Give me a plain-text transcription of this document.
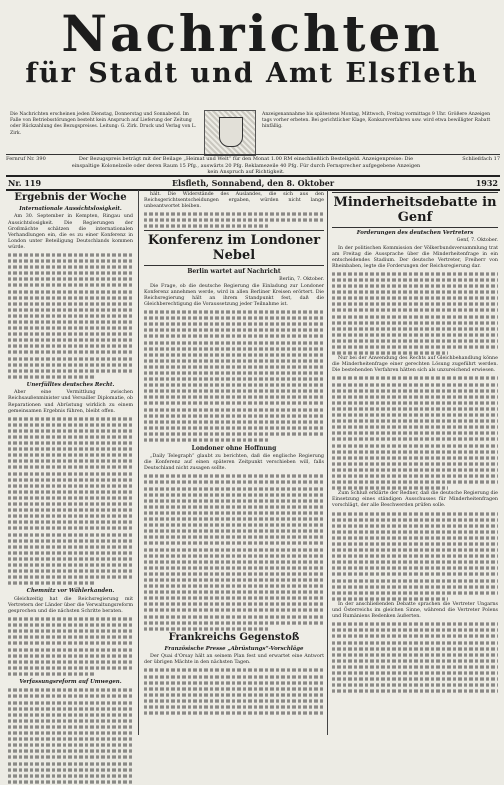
Nachrichten
für Stadt und Amt Elsfleth
Die Nachrichten erscheinen jeden Dienstag, Donnerstag und Sonnabend. Im Falle von Betriebsstörungen besteht kein Anspruch auf Lieferung der Zeitung oder Rückzahlung des Bezugspreises. Leitung: G. Zirk. Druck und Verlag von L. Zirk.
Anzeigenannahme bis spätestens Montag, Mittwoch, Freitag vormittags 9 Uhr. Größere Anzeigen tags vorher erbeten. Bei gerichtlicher Klage, Konkursverfahren usw. wird etwa bewilligter Rabatt hinfällig.
Fernruf Nr. 390	Der Bezugspreis beträgt mit der Beilage „Heimat und Welt“ für den Monat 1.00 RM einschließlich Bestellgeld. Anzeigenpreise: Die einspaltige Kolonelzeile oder deren Raum 15 Pfg., auswärts 20 Pfg. Reklamezeile 40 Pfg. Für durch Fernsprecher aufgegebene Anzeigen kein Anspruch auf Richtigkeit.
Schließfach 17
Nr. 119	Elsfleth, Sonnabend, den 8. Oktober	1932
Ergebnis der Woche
Internationale Aussichtslosigkeit.

Am 30. September in Kempten, Ringau und Aussichtslosigkeit. Die Regierungen der Großmächte schätzen die internationalen Verhandlungen ein, die es zu einer Konferenz in London unter Beteiligung Deutschlands kommen würde.

Unerfülltes deutsches Recht.

Aber eine Vermittlung zwischen Reichsaußenminister und Versailler Diplomatie, ob Reparationen und Abrüstung wirklich zu einem gemeinsamen Ergebnis führen, bleibt offen.

Chemnitz vor Wählerkanden.

Gleichzeitig hat die Reichsregierung mit Vertretern der Länder über die Verwaltungsreform gesprochen und die nächsten Schritte beraten.

Verfassungsreform auf Umwegen.

hält. Die Widerstände des Auslandes, die sich aus den Reichsgerichtsentscheidungen ergaben, würden nicht lange unbeantwortet bleiben.

Konferenz im Londoner Nebel
Berlin wartet auf Nachricht

Berlin, 7. Oktober.

Die Frage, ob die deutsche Regierung die Einladung zur Londoner Konferenz annehmen werde, wird in allen Berliner Kreisen erörtert. Die Reichsregierung hält an ihrem Standpunkt fest, daß die Gleichberechtigung die Voraussetzung jeder Teilnahme ist.

Londoner ohne Hoffnung

„Daily Telegraph“ glaubt zu berichten, daß die englische Regierung die Konferenz auf einen späteren Zeitpunkt verschieben will, falls Deutschland nicht zusagen sollte.

Frankreichs Gegenstoß
Französische Presse „Abrüstungs“-Vorschläge

Der Quai d'Orsay hält an seinem Plan fest und erwartet eine Antwort der übrigen Mächte in den nächsten Tagen.

Minderheitsdebatte in Genf
Forderungen des deutschen Vertreters

Genf, 7. Oktober.

In der politischen Kommission der Völkerbundsversammlung trat am Freitag die Aussprache über die Minderheitenfrage in ein entscheidendes Stadium. Der deutsche Vertreter, Freiherr von Rheinbaben, legte die Forderungen der Reichsregierung dar.

Nur bei der Anwendung des Rechts auf Gleichbehandlung könne die Minderheitenfrage einer gerechten Lösung zugeführt werden. Die bestehenden Verfahren hätten sich als unzureichend erwiesen.

Zum Schluß erklärte der Redner, daß die deutsche Regierung die Einsetzung eines ständigen Ausschusses für Minderheitenfragen vorschlägt, der alle Beschwerden prüfen solle.

In der anschließenden Debatte sprachen die Vertreter Ungarns und Österreichs im gleichen Sinne, während die Vertreter Polens und Rumäniens Bedenken äußerten.
